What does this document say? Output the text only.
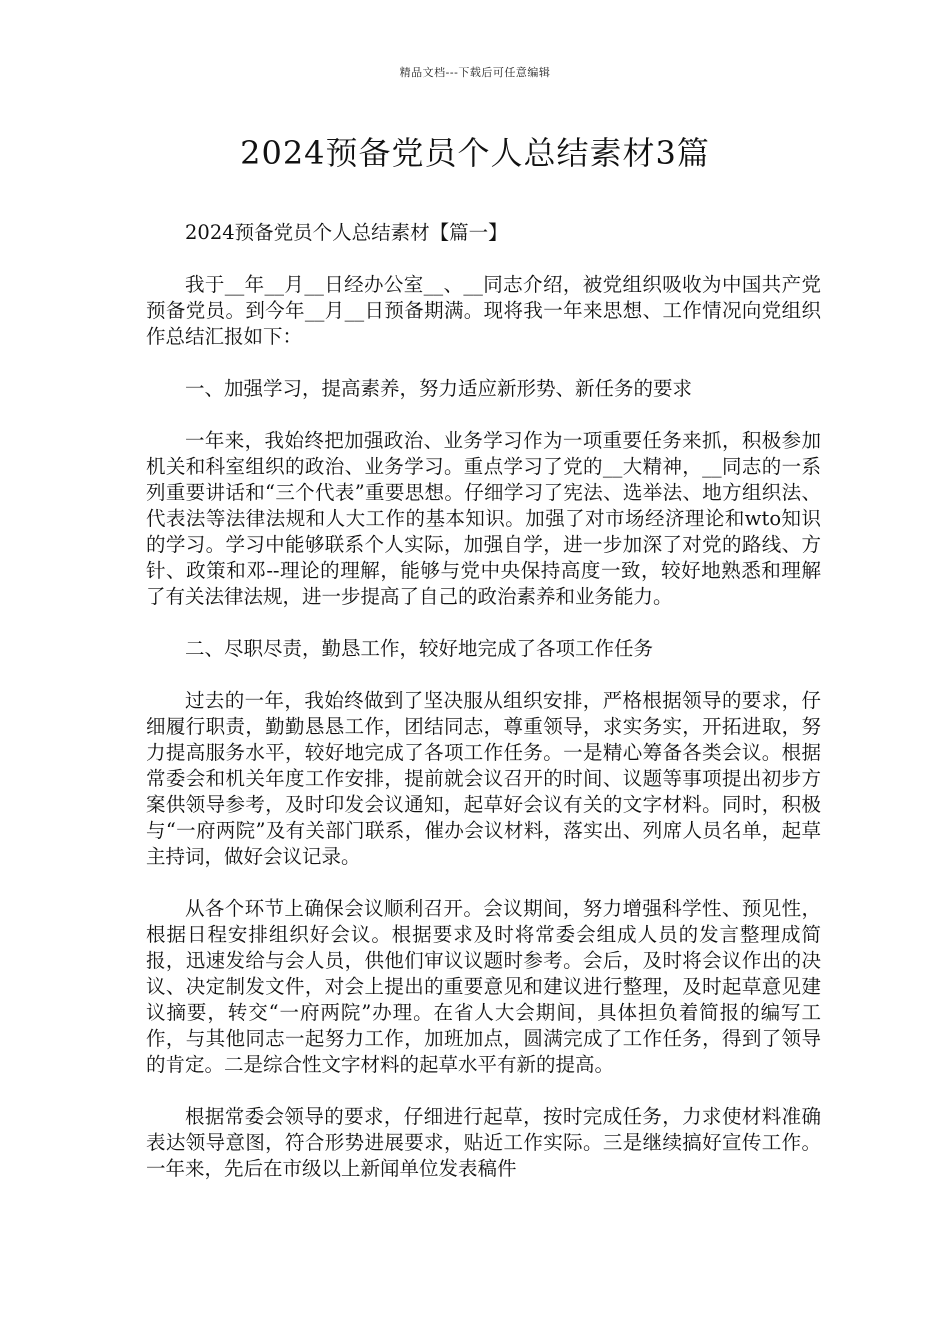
精品文档---下载后可任意编辑
2024预备党员个人总结素材3篇

2024预备党员个人总结素材【篇一】

我于__年__月__日经办公室__、__同志介绍，被党组织吸收为中国共产党预备党员。到今年__月__日预备期满。现将我一年来思想、工作情况向党组织作总结汇报如下：

一、加强学习，提高素养，努力适应新形势、新任务的要求

一年来，我始终把加强政治、业务学习作为一项重要任务来抓，积极参加机关和科室组织的政治、业务学习。重点学习了党的__大精神，__同志的一系列重要讲话和“三个代表”重要思想。仔细学习了宪法、选举法、地方组织法、代表法等法律法规和人大工作的基本知识。加强了对市场经济理论和wto知识的学习。学习中能够联系个人实际，加强自学，进一步加深了对党的路线、方针、政策和邓--理论的理解，能够与党中央保持高度一致，较好地熟悉和理解了有关法律法规，进一步提高了自己的政治素养和业务能力。

二、尽职尽责，勤恳工作，较好地完成了各项工作任务

过去的一年，我始终做到了坚决服从组织安排，严格根据领导的要求，仔细履行职责，勤勤恳恳工作，团结同志，尊重领导，求实务实，开拓进取，努力提高服务水平，较好地完成了各项工作任务。一是精心筹备各类会议。根据常委会和机关年度工作安排，提前就会议召开的时间、议题等事项提出初步方案供领导参考，及时印发会议通知，起草好会议有关的文字材料。同时，积极与“一府两院”及有关部门联系，催办会议材料，落实出、列席人员名单，起草主持词，做好会议记录。

从各个环节上确保会议顺利召开。会议期间，努力增强科学性、预见性，根据日程安排组织好会议。根据要求及时将常委会组成人员的发言整理成简报，迅速发给与会人员，供他们审议议题时参考。会后，及时将会议作出的决议、决定制发文件，对会上提出的重要意见和建议进行整理，及时起草意见建议摘要，转交“一府两院”办理。在省人大会期间，具体担负着简报的编写工作，与其他同志一起努力工作，加班加点，圆满完成了工作任务，得到了领导的肯定。二是综合性文字材料的起草水平有新的提高。

根据常委会领导的要求，仔细进行起草，按时完成任务，力求使材料准确表达领导意图，符合形势进展要求，贴近工作实际。三是继续搞好宣传工作。一年来，先后在市级以上新闻单位发表稿件
